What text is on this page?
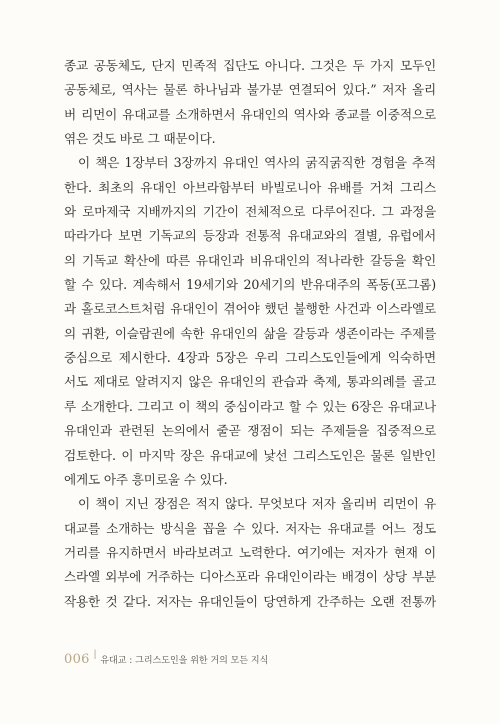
종교 공동체도, 단지 민족적 집단도 아니다. 그것은 두 가지 모두인
공동체로, 역사는 물론 하나님과 불가분 연결되어 있다.” 저자 올리
버 리먼이 유대교를 소개하면서 유대인의 역사와 종교를 이중적으로
엮은 것도 바로 그 때문이다.
이 책은 1장부터 3장까지 유대인 역사의 굵직굵직한 경험을 추적
한다. 최초의 유대인 아브라함부터 바빌로니아 유배를 거쳐 그리스
와 로마제국 지배까지의 기간이 전체적으로 다루어진다. 그 과정을
따라가다 보면 기독교의 등장과 전통적 유대교와의 결별, 유럽에서
의 기독교 확산에 따른 유대인과 비유대인의 적나라한 갈등을 확인
할 수 있다. 계속해서 19세기와 20세기의 반유대주의 폭동(포그롬)
과 홀로코스트처럼 유대인이 겪어야 했던 불행한 사건과 이스라엘로
의 귀환, 이슬람권에 속한 유대인의 삶을 갈등과 생존이라는 주제를
중심으로 제시한다. 4장과 5장은 우리 그리스도인들에게 익숙하면
서도 제대로 알려지지 않은 유대인의 관습과 축제, 통과의례를 골고
루 소개한다. 그리고 이 책의 중심이라고 할 수 있는 6장은 유대교나
유대인과 관련된 논의에서 줄곧 쟁점이 되는 주제들을 집중적으로
검토한다. 이 마지막 장은 유대교에 낯선 그리스도인은 물론 일반인
에게도 아주 흥미로울 수 있다.
이 책이 지닌 장점은 적지 않다. 무엇보다 저자 올리버 리먼이 유
대교를 소개하는 방식을 꼽을 수 있다. 저자는 유대교를 어느 정도
거리를 유지하면서 바라보려고 노력한다. 여기에는 저자가 현재 이
스라엘 외부에 거주하는 디아스포라 유대인이라는 배경이 상당 부분
작용한 것 같다. 저자는 유대인들이 당연하게 간주하는 오랜 전통까
006 |
유대교 : 그리스도인을 위한 거의 모든 지식
